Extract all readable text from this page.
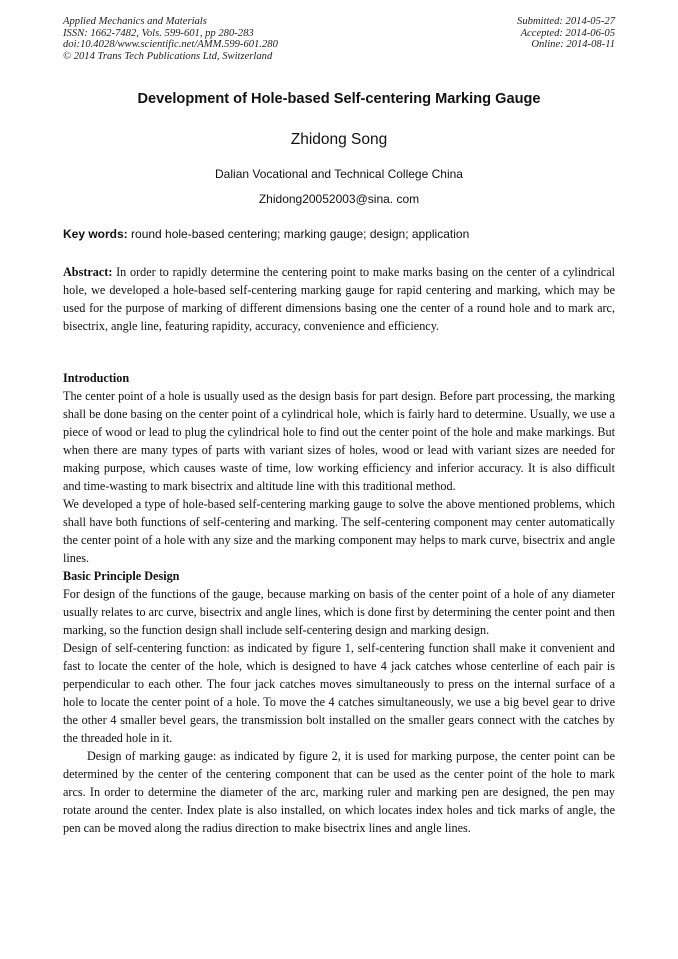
Applied Mechanics and Materials
ISSN: 1662-7482, Vols. 599-601, pp 280-283
doi:10.4028/www.scientific.net/AMM.599-601.280
© 2014 Trans Tech Publications Ltd, Switzerland
Submitted: 2014-05-27
Accepted: 2014-06-05
Online: 2014-08-11
Development of Hole-based Self-centering Marking Gauge
Zhidong Song
Dalian Vocational and Technical College China
Zhidong20052003@sina. com
Key words: round hole-based centering; marking gauge; design; application

Abstract: In order to rapidly determine the centering point to make marks basing on the center of a cylindrical hole, we developed a hole-based self-centering marking gauge for rapid centering and marking, which may be used for the purpose of marking of different dimensions basing one the center of a round hole and to mark arc, bisectrix, angle line, featuring rapidity, accuracy, convenience and efficiency.

Introduction

The center point of a hole is usually used as the design basis for part design. Before part processing, the marking shall be done basing on the center point of a cylindrical hole, which is fairly hard to determine. Usually, we use a piece of wood or lead to plug the cylindrical hole to find out the center point of the hole and make markings. But when there are many types of parts with variant sizes of holes, wood or lead with variant sizes are needed for making purpose, which causes waste of time, low working efficiency and inferior accuracy. It is also difficult and time-wasting to mark bisectrix and altitude line with this traditional method.

We developed a type of hole-based self-centering marking gauge to solve the above mentioned problems, which shall have both functions of self-centering and marking. The self-centering component may center automatically the center point of a hole with any size and the marking component may helps to mark curve, bisectrix and angle lines.

Basic Principle Design

For design of the functions of the gauge, because marking on basis of the center point of a hole of any diameter usually relates to arc curve, bisectrix and angle lines, which is done first by determining the center point and then marking, so the function design shall include self-centering design and marking design.

Design of self-centering function: as indicated by figure 1, self-centering function shall make it convenient and fast to locate the center of the hole, which is designed to have 4 jack catches whose centerline of each pair is perpendicular to each other. The four jack catches moves simultaneously to press on the internal surface of a hole to locate the center point of a hole. To move the 4 catches simultaneously, we use a big bevel gear to drive the other 4 smaller bevel gears, the transmission bolt installed on the smaller gears connect with the catches by the threaded hole in it.

Design of marking gauge: as indicated by figure 2, it is used for marking purpose, the center point can be determined by the center of the centering component that can be used as the center point of the hole to mark arcs. In order to determine the diameter of the arc, marking ruler and marking pen are designed, the pen may rotate around the center. Index plate is also installed, on which locates index holes and tick marks of angle, the pen can be moved along the radius direction to make bisectrix lines and angle lines.
